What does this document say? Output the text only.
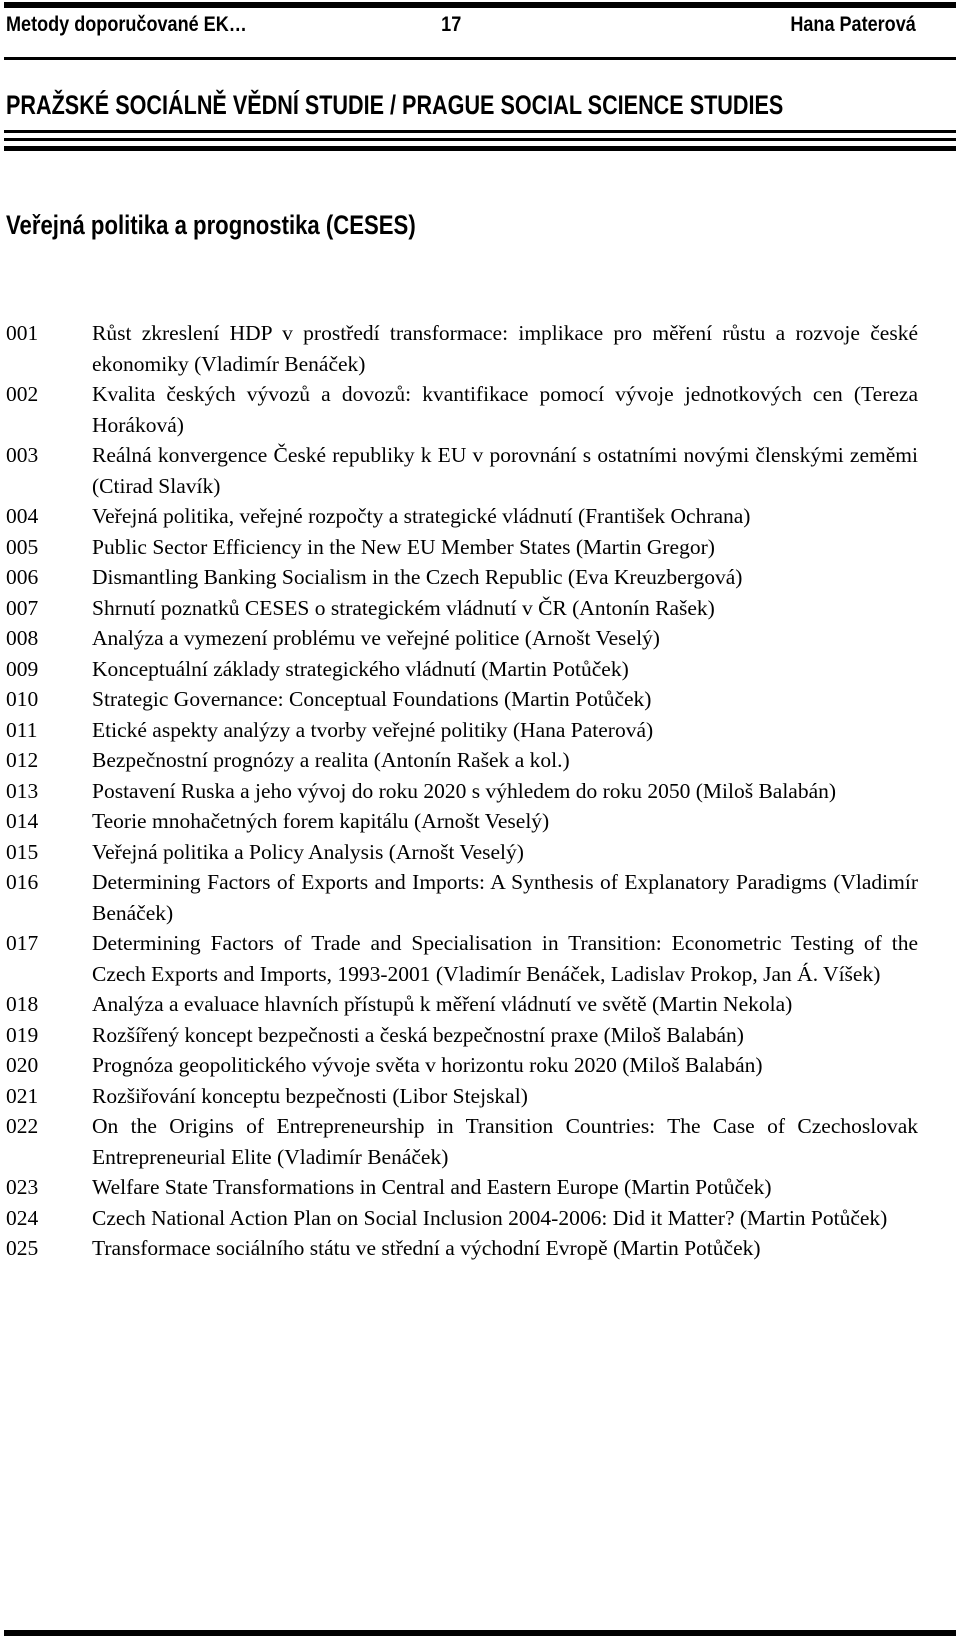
Metody doporučované EK…	17	Hana Paterová
PRAŽSKÉ SOCIÁLNĚ VĚDNÍ STUDIE / PRAGUE SOCIAL SCIENCE STUDIES
Veřejná politika a prognostika (CESES)
001	Růst zkreslení HDP v prostředí transformace: implikace pro měření růstu a rozvoje české ekonomiky (Vladimír Benáček)
002	Kvalita českých vývozů a dovozů: kvantifikace pomocí vývoje jednotkových cen (Tereza Horáková)
003	Reálná konvergence České republiky k EU v porovnání s ostatními novými členskými zeměmi (Ctirad Slavík)
004	Veřejná politika, veřejné rozpočty a strategické vládnutí (František Ochrana)
005	Public Sector Efficiency in the New EU Member States (Martin Gregor)
006	Dismantling Banking Socialism in the Czech Republic (Eva Kreuzbergová)
007	Shrnutí poznatků CESES o strategickém vládnutí v ČR (Antonín Rašek)
008	Analýza a vymezení problému ve veřejné politice (Arnošt Veselý)
009	Konceptuální základy strategického vládnutí (Martin Potůček)
010	Strategic Governance: Conceptual Foundations (Martin Potůček)
011	Etické aspekty analýzy a tvorby veřejné politiky (Hana Paterová)
012	Bezpečnostní prognózy a realita (Antonín Rašek a kol.)
013	Postavení Ruska a jeho vývoj do roku 2020 s výhledem do roku 2050 (Miloš Balabán)
014	Teorie mnohačetných forem kapitálu (Arnošt Veselý)
015	Veřejná politika a Policy Analysis (Arnošt Veselý)
016	Determining Factors of Exports and Imports: A Synthesis of Explanatory Paradigms (Vladimír Benáček)
017	Determining Factors of Trade and Specialisation in Transition: Econometric Testing of the Czech Exports and Imports, 1993-2001 (Vladimír Benáček, Ladislav Prokop, Jan Á. Víšek)
018	Analýza a evaluace hlavních přístupů k měření vládnutí ve světě (Martin Nekola)
019	Rozšířený koncept bezpečnosti a česká bezpečnostní praxe (Miloš Balabán)
020	Prognóza geopolitického vývoje světa v horizontu roku 2020 (Miloš Balabán)
021	Rozšiřování konceptu bezpečnosti (Libor Stejskal)
022	On the Origins of Entrepreneurship in Transition Countries: The Case of Czechoslovak Entrepreneurial Elite (Vladimír Benáček)
023	Welfare State Transformations in Central and Eastern Europe (Martin Potůček)
024	Czech National Action Plan on Social Inclusion 2004-2006: Did it Matter? (Martin Potůček)
025	Transformace sociálního státu ve střední a východní Evropě (Martin Potůček)
